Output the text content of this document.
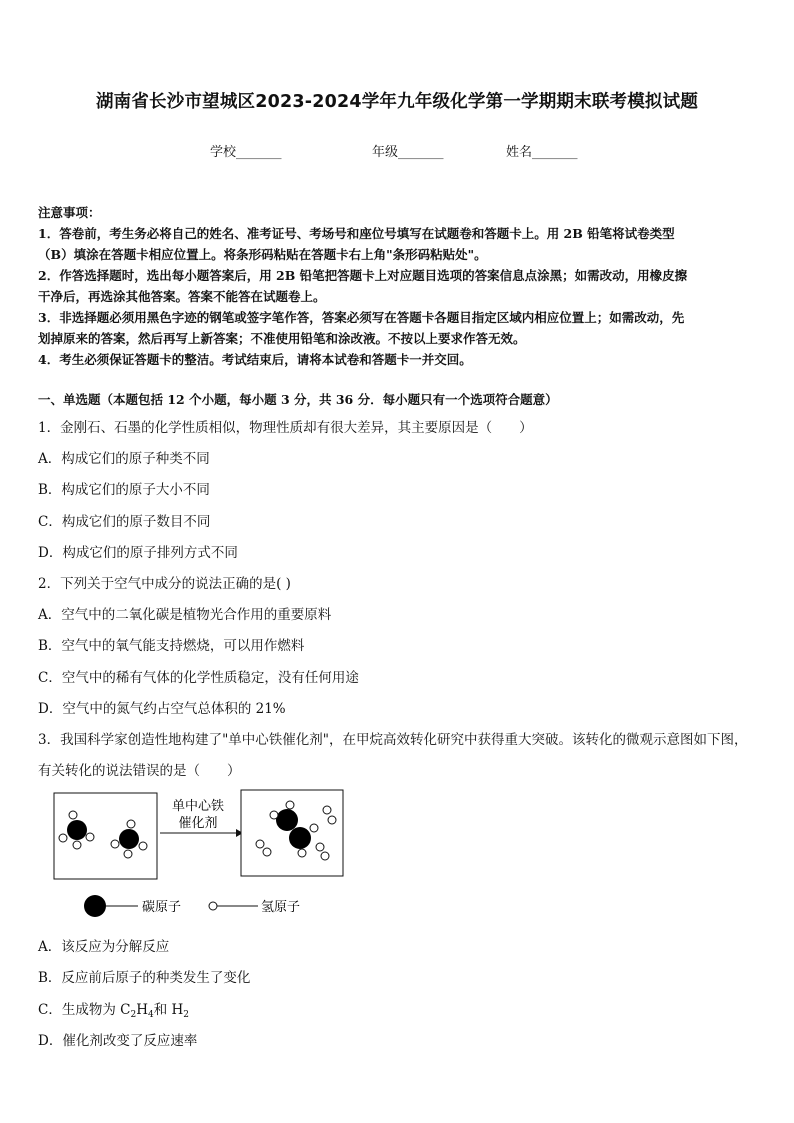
湖南省长沙市望城区2023-2024学年九年级化学第一学期期末联考模拟试题
学校_______	年级_______	姓名_______
注意事项：
1．答卷前，考生务必将自己的姓名、准考证号、考场号和座位号填写在试题卷和答题卡上。用 2B 铅笔将试卷类型
（B）填涂在答题卡相应位置上。将条形码粘贴在答题卡右上角"条形码粘贴处"。
2．作答选择题时，选出每小题答案后，用 2B 铅笔把答题卡上对应题目选项的答案信息点涂黑；如需改动，用橡皮擦
干净后，再选涂其他答案。答案不能答在试题卷上。
3．非选择题必须用黑色字迹的钢笔或签字笔作答，答案必须写在答题卡各题目指定区域内相应位置上；如需改动，先
划掉原来的答案，然后再写上新答案；不准使用铅笔和涂改液。不按以上要求作答无效。
4．考生必须保证答题卡的整洁。考试结束后，请将本试卷和答题卡一并交回。
一、单选题（本题包括 12 个小题，每小题 3 分，共 36 分．每小题只有一个选项符合题意）
1．金刚石、石墨的化学性质相似，物理性质却有很大差异，其主要原因是（　　）
A．构成它们的原子种类不同
B．构成它们的原子大小不同
C．构成它们的原子数目不同
D．构成它们的原子排列方式不同
2．下列关于空气中成分的说法正确的是( )
A．空气中的二氧化碳是植物光合作用的重要原料
B．空气中的氧气能支持燃烧，可以用作燃料
C．空气中的稀有气体的化学性质稳定，没有任何用途
D．空气中的氮气约占空气总体积的 21%
3．我国科学家创造性地构建了"单中心铁催化剂"，在甲烷高效转化研究中获得重大突破。该转化的微观示意图如下图，
有关转化的说法错误的是（　　）
单中心铁
催化剂
碳原子	氢原子
A．该反应为分解反应
B．反应前后原子的种类发生了变化
C．生成物为 $C_2H_4$和 $H_2$
D．催化剂改变了反应速率
